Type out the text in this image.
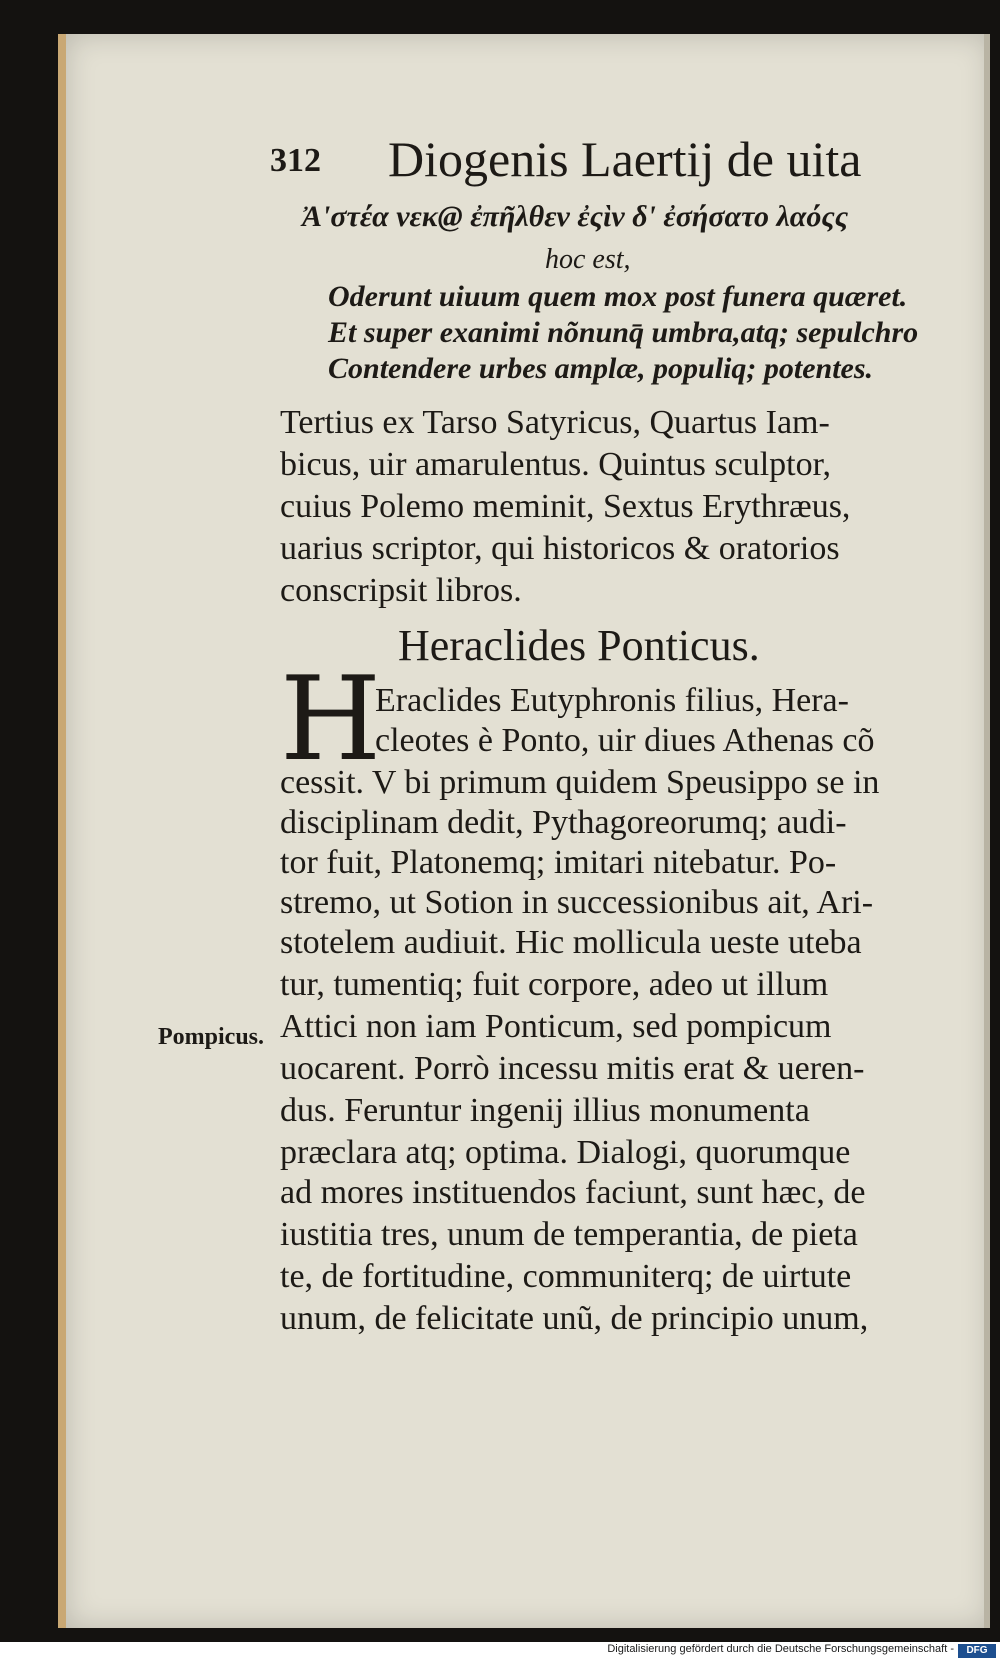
312 Diogenis Laertij de uita
Ἀ'στέα νεκ@ ἐπῆλθεν ἐςὶν δ' ἐσήσατο λαόςς
hoc est,
Oderunt uiuum quem mox post funera quæret.
Et super exanimi nõnunq̄ umbra,atq; sepulchro
Contendere urbes amplæ, populiq; potentes.
Tertius ex Tarso Satyricus, Quartus Iam-
bicus, uir amarulentus. Quintus sculptor,
cuius Polemo meminit, Sextus Erythræus,
uarius scriptor, qui historicos & oratorios
conscripsit libros.
Heraclides Ponticus.
H
Eraclides Eutyphronis filius, Hera-
cleotes è Ponto, uir diues Athenas cõ
cessit. V bi primum quidem Speusippo se in
disciplinam dedit, Pythagoreorumq; audi-
tor fuit, Platonemq; imitari nitebatur. Po-
stremo, ut Sotion in successionibus ait, Ari-
stotelem audiuit. Hic mollicula ueste uteba
tur, tumentiq; fuit corpore, adeo ut illum
Attici non iam Ponticum, sed pompicum
uocarent. Porrò incessu mitis erat & ueren-
dus. Feruntur ingenij illius monumenta
præclara atq; optima. Dialogi, quorumque
ad mores instituendos faciunt, sunt hæc, de
iustitia tres, unum de temperantia, de pieta
te, de fortitudine, communiterq; de uirtute
unum, de felicitate unũ, de principio unum,
Pompicus.
Digitalisierung gefördert durch die Deutsche Forschungsgemeinschaft -	DFG
